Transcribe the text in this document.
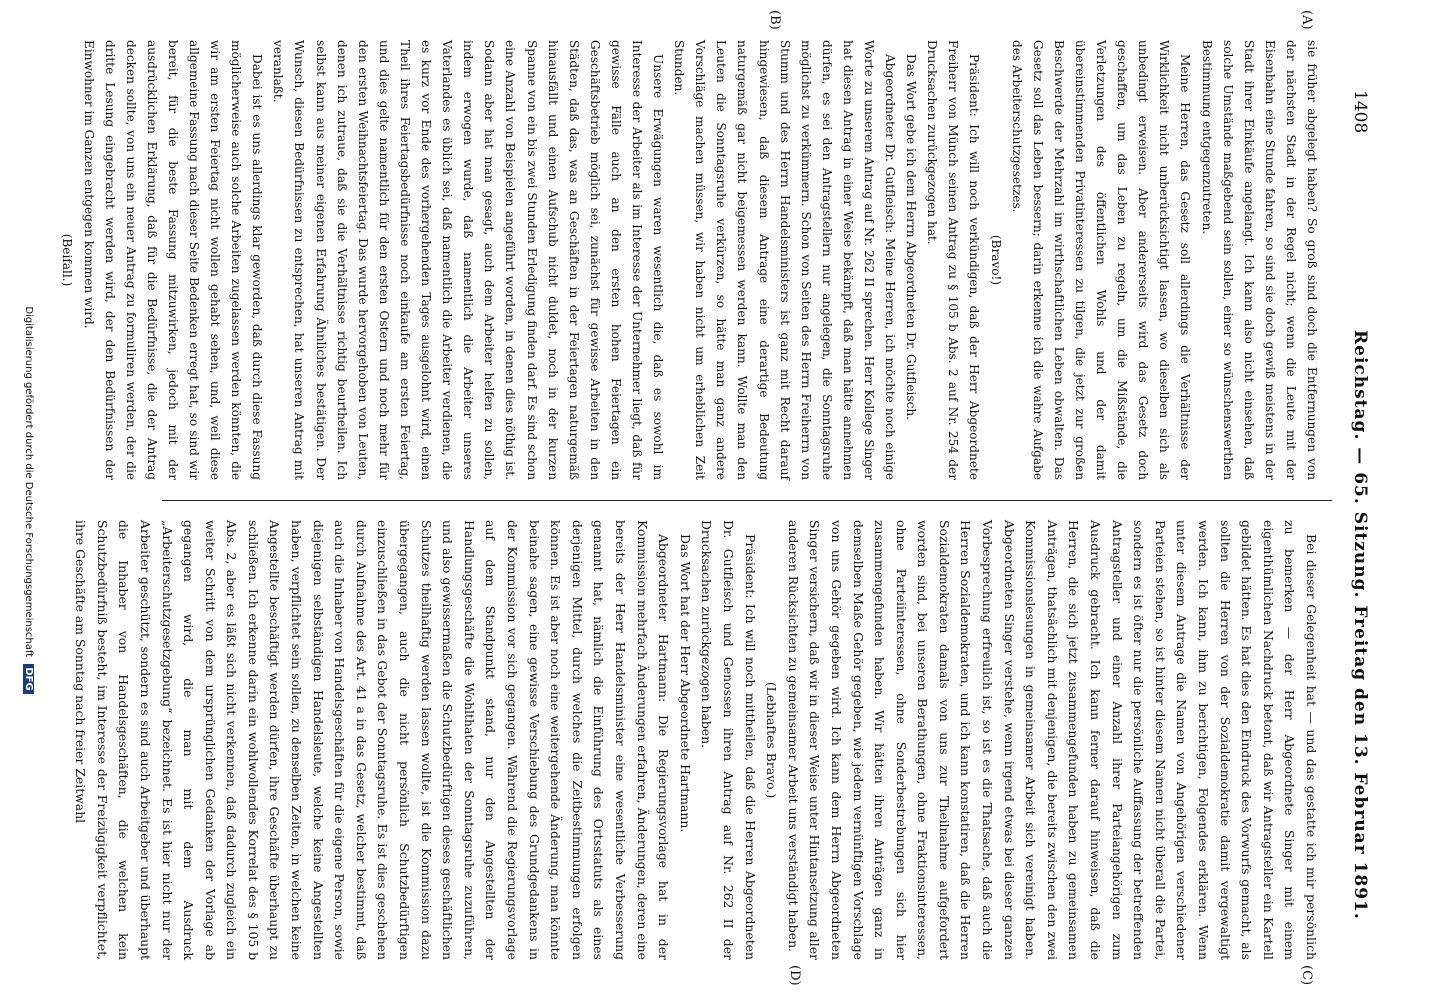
1408
Reichstag. — 65. Sitzung. Freitag den 13. Februar 1891.
(A)
(B)
(C)
(D)

sie früher abgelegt haben? So groß sind doch die Entfernungen von der nächsten Stadt in der Regel nicht; wenn die Leute mit der Eisenbahn eine Stunde fahren, so sind sie doch gewiß meistens in der Stadt ihrer Einkäufe angelangt. Ich kann also nicht einsehen, daß solche Umstände maßgebend sein sollen, einer so wünschenswerthen Bestimmung entgegenzutreten.

Meine Herren, das Gesetz soll allerdings die Verhältnisse der Wirklichkeit nicht unberücksichtigt lassen, wo dieselben sich als unbedingt erweisen. Aber andererseits wird das Gesetz doch geschaffen, um das Leben zu regeln, um die Mißstände, die Verletzungen des öffentlichen Wohls und der damit übereinstimmenden Privatinteressen zu tilgen, die jetzt zur großen Beschwerde der Mehrzahl im wirthschaftlichen Leben obwalten. Das Gesetz soll das Leben bessern; darin erkenne ich die wahre Aufgabe des Arbeiterschutzgesetzes.

(Bravo!)

Präsident: Ich will noch verkündigen, daß der Herr Abgeordnete Freiherr von Münch seinen Antrag zu § 105 b Abs. 2 auf Nr. 254 der Drucksachen zurückgezogen hat.

Das Wort gebe ich dem Herrn Abgeordneten Dr. Gutfleisch.

Abgeordneter Dr. Gutfleisch: Meine Herren, ich möchte noch einige Worte zu unserem Antrag auf Nr. 262 II sprechen. Herr Kollege Singer hat diesen Antrag in einer Weise bekämpft, daß man hätte annehmen dürfen, es sei den Antragstellern nur angelegen, die Sonntagsruhe möglichst zu verkümmern. Schon von Seiten des Herrn Freiherrn von Stumm und des Herrn Handelsministers ist ganz mit Recht darauf hingewiesen, daß diesem Antrage eine derartige Bedeutung naturgemäß gar nicht beigemessen werden kann. Wollte man den Leuten die Sonntagsruhe verkürzen, so hätte man ganz andere Vorschläge machen müssen, wir haben nicht um erheblichen Zeit Stunden.

Unsere Erwägungen waren wesentlich die, daß es sowohl im Interesse der Arbeiter als im Interesse der Unternehmer liegt, daß für gewisse Fälle auch an den ersten hohen Feiertagen ein Geschäftsbetrieb möglich sei, zunächst für gewisse Arbeiten in den Städten, daß das, was an Geschäften in der Feiertagen naturgemäß hinausfällt und einen Aufschub nicht duldet, noch in der kurzen Spanne von ein bis zwei Stunden Erledigung finden darf. Es sind schon eine Anzahl von Beispielen angeführt worden, in denen dies nöthig ist. Sodann aber hat man gesagt, auch dem Arbeiter helfen zu sollen, indem erwogen wurde, daß namentlich die Arbeiter unseres Vaterlandes es üblich sei, daß namentlich die Arbeiter verdienen, die es kurz vor Ende des vorhergehenden Tages ausgelohnt wird, einen Theil ihres Feiertagsbedürfnisse noch einkaufe am ersten Feiertag, und dies gelte namentlich für den ersten Ostern und noch mehr für den ersten Weihnachtsfeiertag. Das wurde hervorgehoben von Leuten, denen ich zutraue, daß sie die Verhältnisse richtig beurtheilen. Ich selbst kann aus meiner eigenen Erfahrung Ähnliches bestätigen. Der Wunsch, diesen Bedürfnissen zu entsprechen, hat unseren Antrag mit veranlaßt.

Dabei ist es uns allerdings klar geworden, daß durch diese Fassung möglicherweise auch solche Arbeiten zugelassen werden könnten, die wir am ersten Feiertag nicht wollen gehabt sehen, und, weil diese allgemeine Fassung nach dieser Seite Bedenken erregt hat, so sind wir bereit, für die beste Fassung mitzuwirken, jedoch mit der ausdrücklichen Erklärung, daß für die Bedürfnisse, die der Antrag decken sollte, von uns ein neuer Antrag zu formuliren werden, der die dritte Lesung eingebracht werden wird, der den Bedürfnissen der Einwohner im Ganzen entgegen kommen wird.

(Beifall.)

Bei dieser Gelegenheit hat — und das gestatte ich mir persönlich zu bemerken — der Herr Abgeordnete Singer mit einem eigenthümlichen Nachdruck betont, daß wir Antragsteller ein Kartell gebildet hätten. Es hat dies den Eindruck des Vorwurfs gemacht, als sollten die Herren von der Sozialdemokratie damit vergewaltigt werden. Ich kann, ihm zu berichtigen, Folgendes erklären. Wenn unter diesem Antrage die Namen von Angehörigen verschiedener Parteien stehen, so ist hinter diesem Namen nicht überall die Partei, sondern es ist öfter nur die persönliche Auffassung der betreffenden Antragsteller und einer Anzahl ihrer Parteiangehörigen zum Ausdruck gebracht. Ich kann ferner darauf hinweisen, daß die Herren, die sich jetzt zusammengefunden haben zu gemeinsamen Anträgen, thatsächlich mit denjenigen, die bereits zwischen den zwei Kommissionslesungen in gemeinsamer Arbeit sich vereinigt haben. Abgeordneten Singer verstehe, wenn irgend etwas bei dieser ganzen Vorbesprechung erfreulich ist, so ist es die Thatsache, daß auch die Herren Sozialdemokraten, und ich kann konstatiren, daß die Herren Sozialdemokraten damals von uns zur Theilnahme aufgefordert worden sind, bei unseren Berathungen, ohne Fraktionsinteressen, ohne Parteiinteressen, ohne Sonderbestrebungen sich hier zusammengefunden haben. Wir hätten ihren Anträgen ganz in demselben Maße Gehör gegeben, wie jedem vernünftigen Vorschlage von uns Gehör gegeben wird. Ich kann dem Herrn Abgeordneten Singer versichern, daß wir in dieser Weise unter Hintansetzung aller anderen Rücksichten zu gemeinsamer Arbeit uns verständigt haben.

(Lebhaftes Bravo.)

Präsident: Ich will noch mittheilen, daß die Herren Abgeordneten Dr. Gutfleisch und Genossen ihren Antrag auf Nr. 262 II der Drucksachen zurückgezogen haben.

Das Wort hat der Herr Abgeordnete Hartmann.

Abgeordneter Hartmann: Die Regierungsvorlage hat in der Kommission mehrfach Änderungen erfahren, Änderungen, deren eine bereits der Herr Handelsminister eine wesentliche Verbesserung genannt hat, nämlich die Einführung des Ortsstatuts als eines derjenigen Mittel, durch welches die Zeitbestimmungen erfolgen können. Es ist aber noch eine weitergehende Änderung, man könnte beinahe sagen, eine gewisse Verschiebung des Grundgedankens in der Kommission vor sich gegangen. Während die Regierungsvorlage auf dem Standpunkt stand, nur den Angestellten der Handlungsgeschäfte die Wohlthaten der Sonntagsruhe zuzuführen, und also gewissermaßen die Schutzbedürftigen dieses geschäftlichen Schutzes theilhaftig werden lassen wollte, ist die Kommission dazu übergegangen, auch die nicht persönlich Schutzbedürftigen einzuschließen in das Gebot der Sonntagsruhe. Es ist dies geschehen durch Aufnahme des Art. 41 a in das Gesetz, welcher bestimmt, daß auch die Inhaber von Handelsgeschäften für die eigene Person, sowie diejenigen selbständigen Handelsleute, welche keine Angestellten haben, verpflichtet sein sollen, zu denselben Zeiten, in welchen keine Angestellte beschäftigt werden dürfen, ihre Geschäfte überhaupt zu schließen. Ich erkenne darin ein wohlwollendes Korrelat des § 105 b Abs. 2, aber es läßt sich nicht verkennen, daß dadurch zugleich ein weiter Schritt von dem ursprünglichen Gedanken der Vorlage ab gegangen wird, die man mit dem Ausdruck „Arbeiterschutzgesetzgebung“ bezeichnet. Es ist hier nicht nur der Arbeiter geschützt, sondern es sind auch Arbeitgeber und überhaupt die Inhaber von Handelsgeschäften, die welchen kein Schutzbedürfniß besteht, im Interesse der Freizügigkeit verpflichtet, ihre Geschäfte am Sonntag nach freier Zeitwahl

Digitalisierung gefördert durch die Deutsche Forschungsgemeinschaft DFG
